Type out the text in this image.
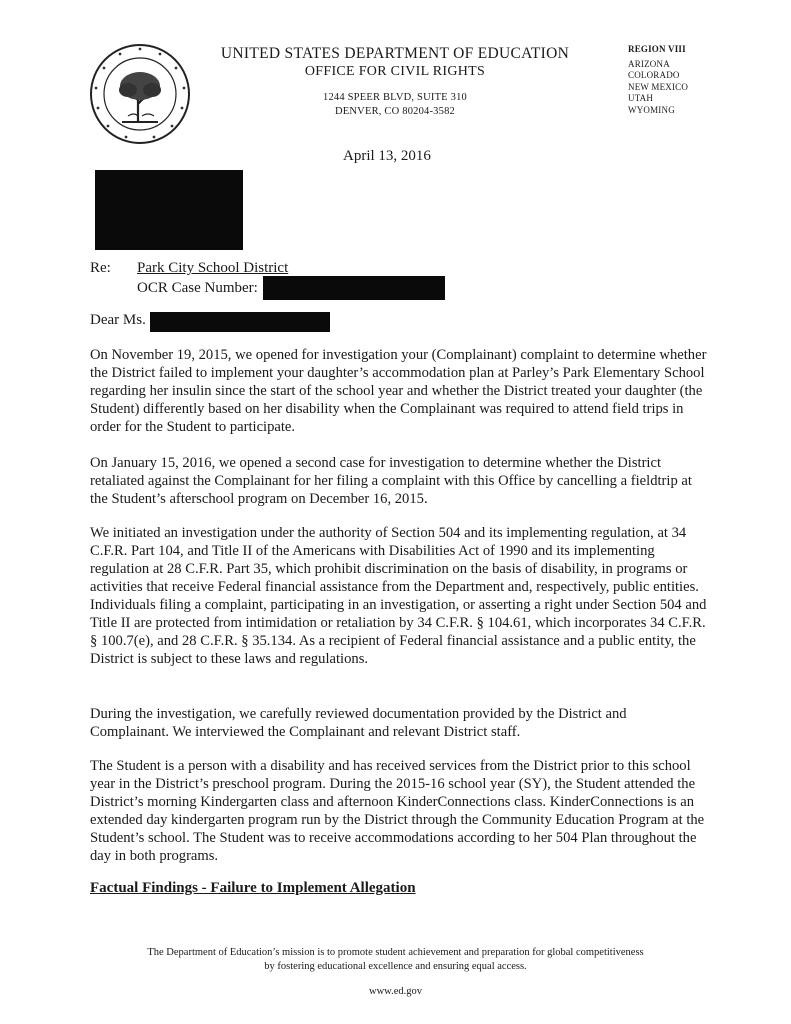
UNITED STATES DEPARTMENT OF EDUCATION
OFFICE FOR CIVIL RIGHTS
1244 SPEER BLVD, SUITE 310
DENVER, CO 80204-3582
REGION VIII
ARIZONA
COLORADO
NEW MEXICO
UTAH
WYOMING
April 13, 2016
Re: Park City School District
OCR Case Number:
Dear Ms.
On November 19, 2015, we opened for investigation your (Complainant) complaint to determine whether the District failed to implement your daughter’s accommodation plan at Parley’s Park Elementary School regarding her insulin since the start of the school year and whether the District treated your daughter (the Student) differently based on her disability when the Complainant was required to attend field trips in order for the Student to participate.
On January 15, 2016, we opened a second case for investigation to determine whether the District retaliated against the Complainant for her filing a complaint with this Office by cancelling a fieldtrip at the Student’s afterschool program on December 16, 2015.
We initiated an investigation under the authority of Section 504 and its implementing regulation, at 34 C.F.R. Part 104, and Title II of the Americans with Disabilities Act of 1990 and its implementing regulation at 28 C.F.R. Part 35, which prohibit discrimination on the basis of disability, in programs or activities that receive Federal financial assistance from the Department and, respectively, public entities. Individuals filing a complaint, participating in an investigation, or asserting a right under Section 504 and Title II are protected from intimidation or retaliation by 34 C.F.R. § 104.61, which incorporates 34 C.F.R. § 100.7(e), and 28 C.F.R. § 35.134. As a recipient of Federal financial assistance and a public entity, the District is subject to these laws and regulations.
During the investigation, we carefully reviewed documentation provided by the District and Complainant. We interviewed the Complainant and relevant District staff.
The Student is a person with a disability and has received services from the District prior to this school year in the District’s preschool program. During the 2015-16 school year (SY), the Student attended the District’s morning Kindergarten class and afternoon KinderConnections class. KinderConnections is an extended day kindergarten program run by the District through the Community Education Program at the Student’s school. The Student was to receive accommodations according to her 504 Plan throughout the day in both programs.
Factual Findings - Failure to Implement Allegation
The Department of Education’s mission is to promote student achievement and preparation for global competitiveness
by fostering educational excellence and ensuring equal access.
www.ed.gov
